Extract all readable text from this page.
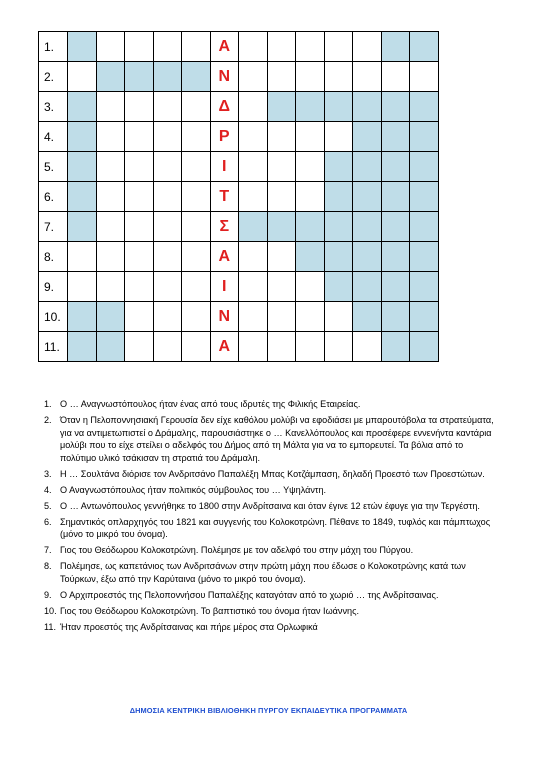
1.						Α							
2.						Ν							
3.						Δ							
4.						Ρ							
5.						Ι							
6.						Τ							
7.						Σ							
8.						Α							
9.						Ι							
10.						Ν							
11.						Α							
1. Ο … Αναγνωστόπουλος ήταν ένας από τους ιδρυτές της Φιλικής Εταιρείας.
2. Όταν η Πελοποννησιακή Γερουσία δεν είχε καθόλου μολύβι να εφοδιάσει με μπαρουτόβολα τα στρατεύματα, για να αντιμετωπιστεί ο Δράμαλης, παρουσιάστηκε ο … Κανελλόπουλος και προσέφερε εννενήντα καντάρια μολύβι που το είχε στείλει ο αδελφός του Δήμος από τη Μάλτα για να το εμπορευτεί. Τα βόλια από το πολύτιμο υλικό τσάκισαν τη στρατιά του Δράμαλη.
3. Η … Σουλτάνα διόρισε τον Ανδριτσάνο Παπαλέξη Μπας Κοτζάμπαση, δηλαδή Προεστό των Προεστώτων.
4. Ο Αναγνωστόπουλος ήταν πολιτικός σύμβουλος του … Υψηλάντη.
5. Ο … Αντωνόπουλος γεννήθηκε το 1800 στην Ανδρίτσαινα και όταν έγινε 12 ετών έφυγε για την Τεργέστη.
6. Σημαντικός οπλαρχηγός του 1821 και συγγενής του Κολοκοτρώνη. Πέθανε το 1849, τυφλός και πάμπτωχος (μόνο το μικρό του όνομα).
7. Γιος του Θεόδωρου Κολοκοτρώνη. Πολέμησε με τον αδελφό του στην μάχη του Πύργου.
8. Πολέμησε, ως καπετάνιος των Ανδριτσάνων στην πρώτη μάχη που έδωσε ο Κολοκοτρώνης κατά των Τούρκων, έξω από την Καρύταινα (μόνο το μικρό του όνομα).
9. Ο Αρχιπροεστός της Πελοποννήσου Παπαλέξης καταγόταν από το χωριό … της Ανδρίτσαινας.
10. Γιος του Θεόδωρου Κολοκοτρώνη. Το βαπτιστικό του όνομα ήταν Ιωάννης.
11. Ήταν προεστός της Ανδρίτσαινας και πήρε μέρος στα Ορλωφικά
ΔΗΜΟΣΙΑ ΚΕΝΤΡΙΚΗ ΒΙΒΛΙΟΘΗΚΗ ΠΥΡΓΟΥ ΕΚΠΑΙΔΕΥΤΙΚΑ ΠΡΟΓΡΑΜΜΑΤΑ
